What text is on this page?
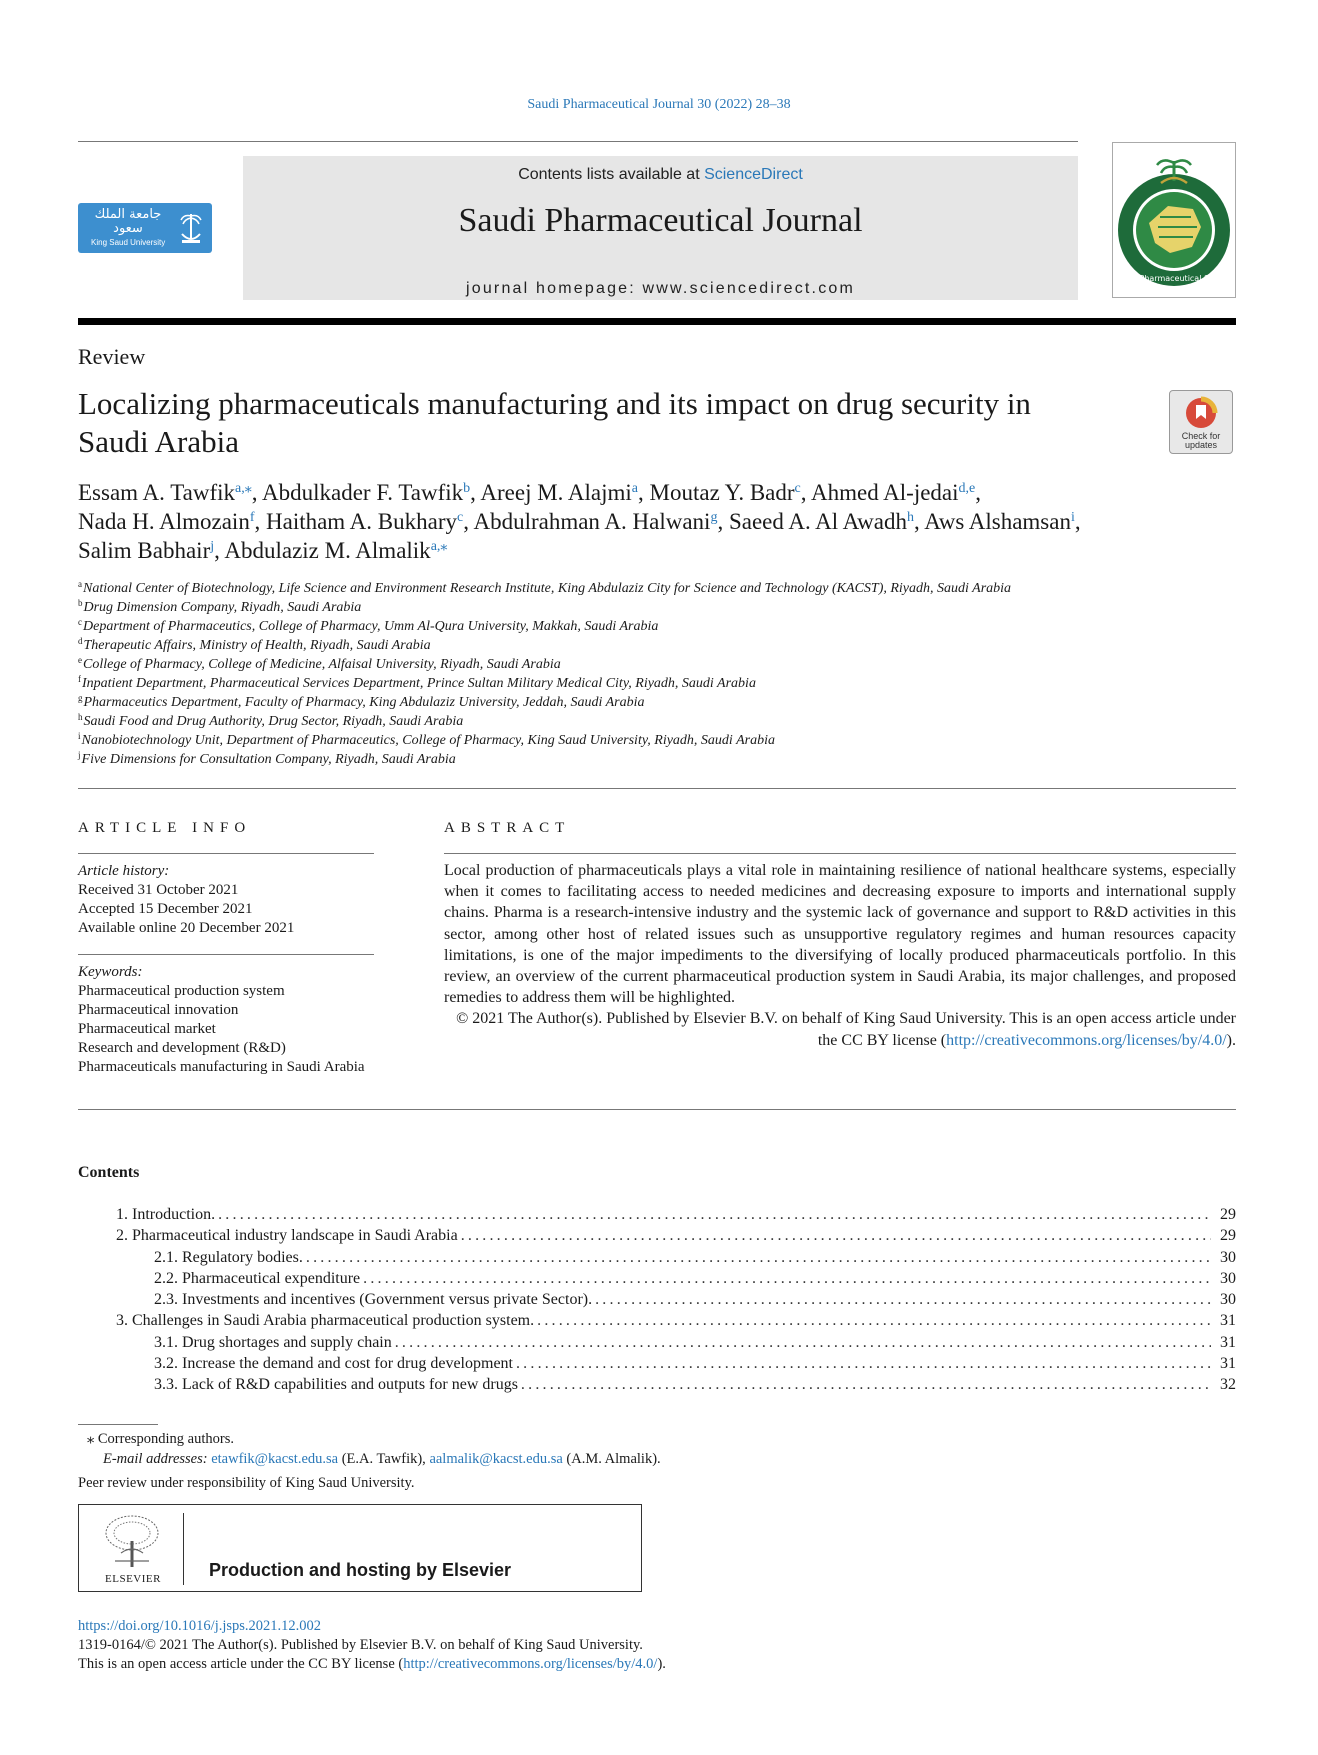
Saudi Pharmaceutical Journal 30 (2022) 28–38
جامعة الملك سعود
King Saud University
Contents lists available at ScienceDirect
Saudi Pharmaceutical Journal
journal homepage: www.sciencedirect.com
Saudi Pharmaceutical Society
Review
Localizing pharmaceuticals manufacturing and its impact on drug security in Saudi Arabia	Check for updates
Essam A. Tawfik$^{a,⁎}$, Abdulkader F. Tawfik$^b$, Areej M. Alajmi$^a$, Moutaz Y. Badr$^c$, Ahmed Al-jedai$^{d,e}$,
Nada H. Almozain$^f$, Haitham A. Bukhary$^c$, Abdulrahman A. Halwani$^g$, Saeed A. Al Awadh$^h$, Aws Alshamsan$^i$,
Salim Babhair$^j$, Abdulaziz M. Almalik$^{a,⁎}$
$^a$National Center of Biotechnology, Life Science and Environment Research Institute, King Abdulaziz City for Science and Technology (KACST), Riyadh, Saudi Arabia
$^b$Drug Dimension Company, Riyadh, Saudi Arabia
$^c$Department of Pharmaceutics, College of Pharmacy, Umm Al-Qura University, Makkah, Saudi Arabia
$^d$Therapeutic Affairs, Ministry of Health, Riyadh, Saudi Arabia
$^e$College of Pharmacy, College of Medicine, Alfaisal University, Riyadh, Saudi Arabia
$^f$Inpatient Department, Pharmaceutical Services Department, Prince Sultan Military Medical City, Riyadh, Saudi Arabia
$^g$Pharmaceutics Department, Faculty of Pharmacy, King Abdulaziz University, Jeddah, Saudi Arabia
$^h$Saudi Food and Drug Authority, Drug Sector, Riyadh, Saudi Arabia
$^i$Nanobiotechnology Unit, Department of Pharmaceutics, College of Pharmacy, King Saud University, Riyadh, Saudi Arabia
$^j$Five Dimensions for Consultation Company, Riyadh, Saudi Arabia
ARTICLE INFO	ABSTRACT
Article history:
Received 31 October 2021
Accepted 15 December 2021
Available online 20 December 2021
Keywords:
Pharmaceutical production system
Pharmaceutical innovation
Pharmaceutical market
Research and development (R&D)
Pharmaceuticals manufacturing in Saudi Arabia
Local production of pharmaceuticals plays a vital role in maintaining resilience of national healthcare systems, especially when it comes to facilitating access to needed medicines and decreasing exposure to imports and international supply chains. Pharma is a research-intensive industry and the systemic lack of governance and support to R&D activities in this sector, among other host of related issues such as unsupportive regulatory regimes and human resources capacity limitations, is one of the major impediments to the diversifying of locally produced pharmaceuticals portfolio. In this review, an overview of the current pharmaceutical production system in Saudi Arabia, its major challenges, and proposed remedies to address them will be highlighted.
© 2021 The Author(s). Published by Elsevier B.V. on behalf of King Saud University. This is an open access article under the CC BY license (http://creativecommons.org/licenses/by/4.0/).
Contents
1. Introduction. .....	29
2. Pharmaceutical industry landscape in Saudi Arabia .....	29
2.1. Regulatory bodies. .....	30
2.2. Pharmaceutical expenditure .....	30
2.3. Investments and incentives (Government versus private Sector). .....	30
3. Challenges in Saudi Arabia pharmaceutical production system. .....	31
3.1. Drug shortages and supply chain .....	31
3.2. Increase the demand and cost for drug development .....	31
3.3. Lack of R&D capabilities and outputs for new drugs .....	32
⁎ Corresponding authors.
E-mail addresses: etawfik@kacst.edu.sa (E.A. Tawfik), aalmalik@kacst.edu.sa (A.M. Almalik).
Peer review under responsibility of King Saud University.
ELSEVIER	Production and hosting by Elsevier
https://doi.org/10.1016/j.jsps.2021.12.002
1319-0164/© 2021 The Author(s). Published by Elsevier B.V. on behalf of King Saud University.
This is an open access article under the CC BY license (http://creativecommons.org/licenses/by/4.0/).
